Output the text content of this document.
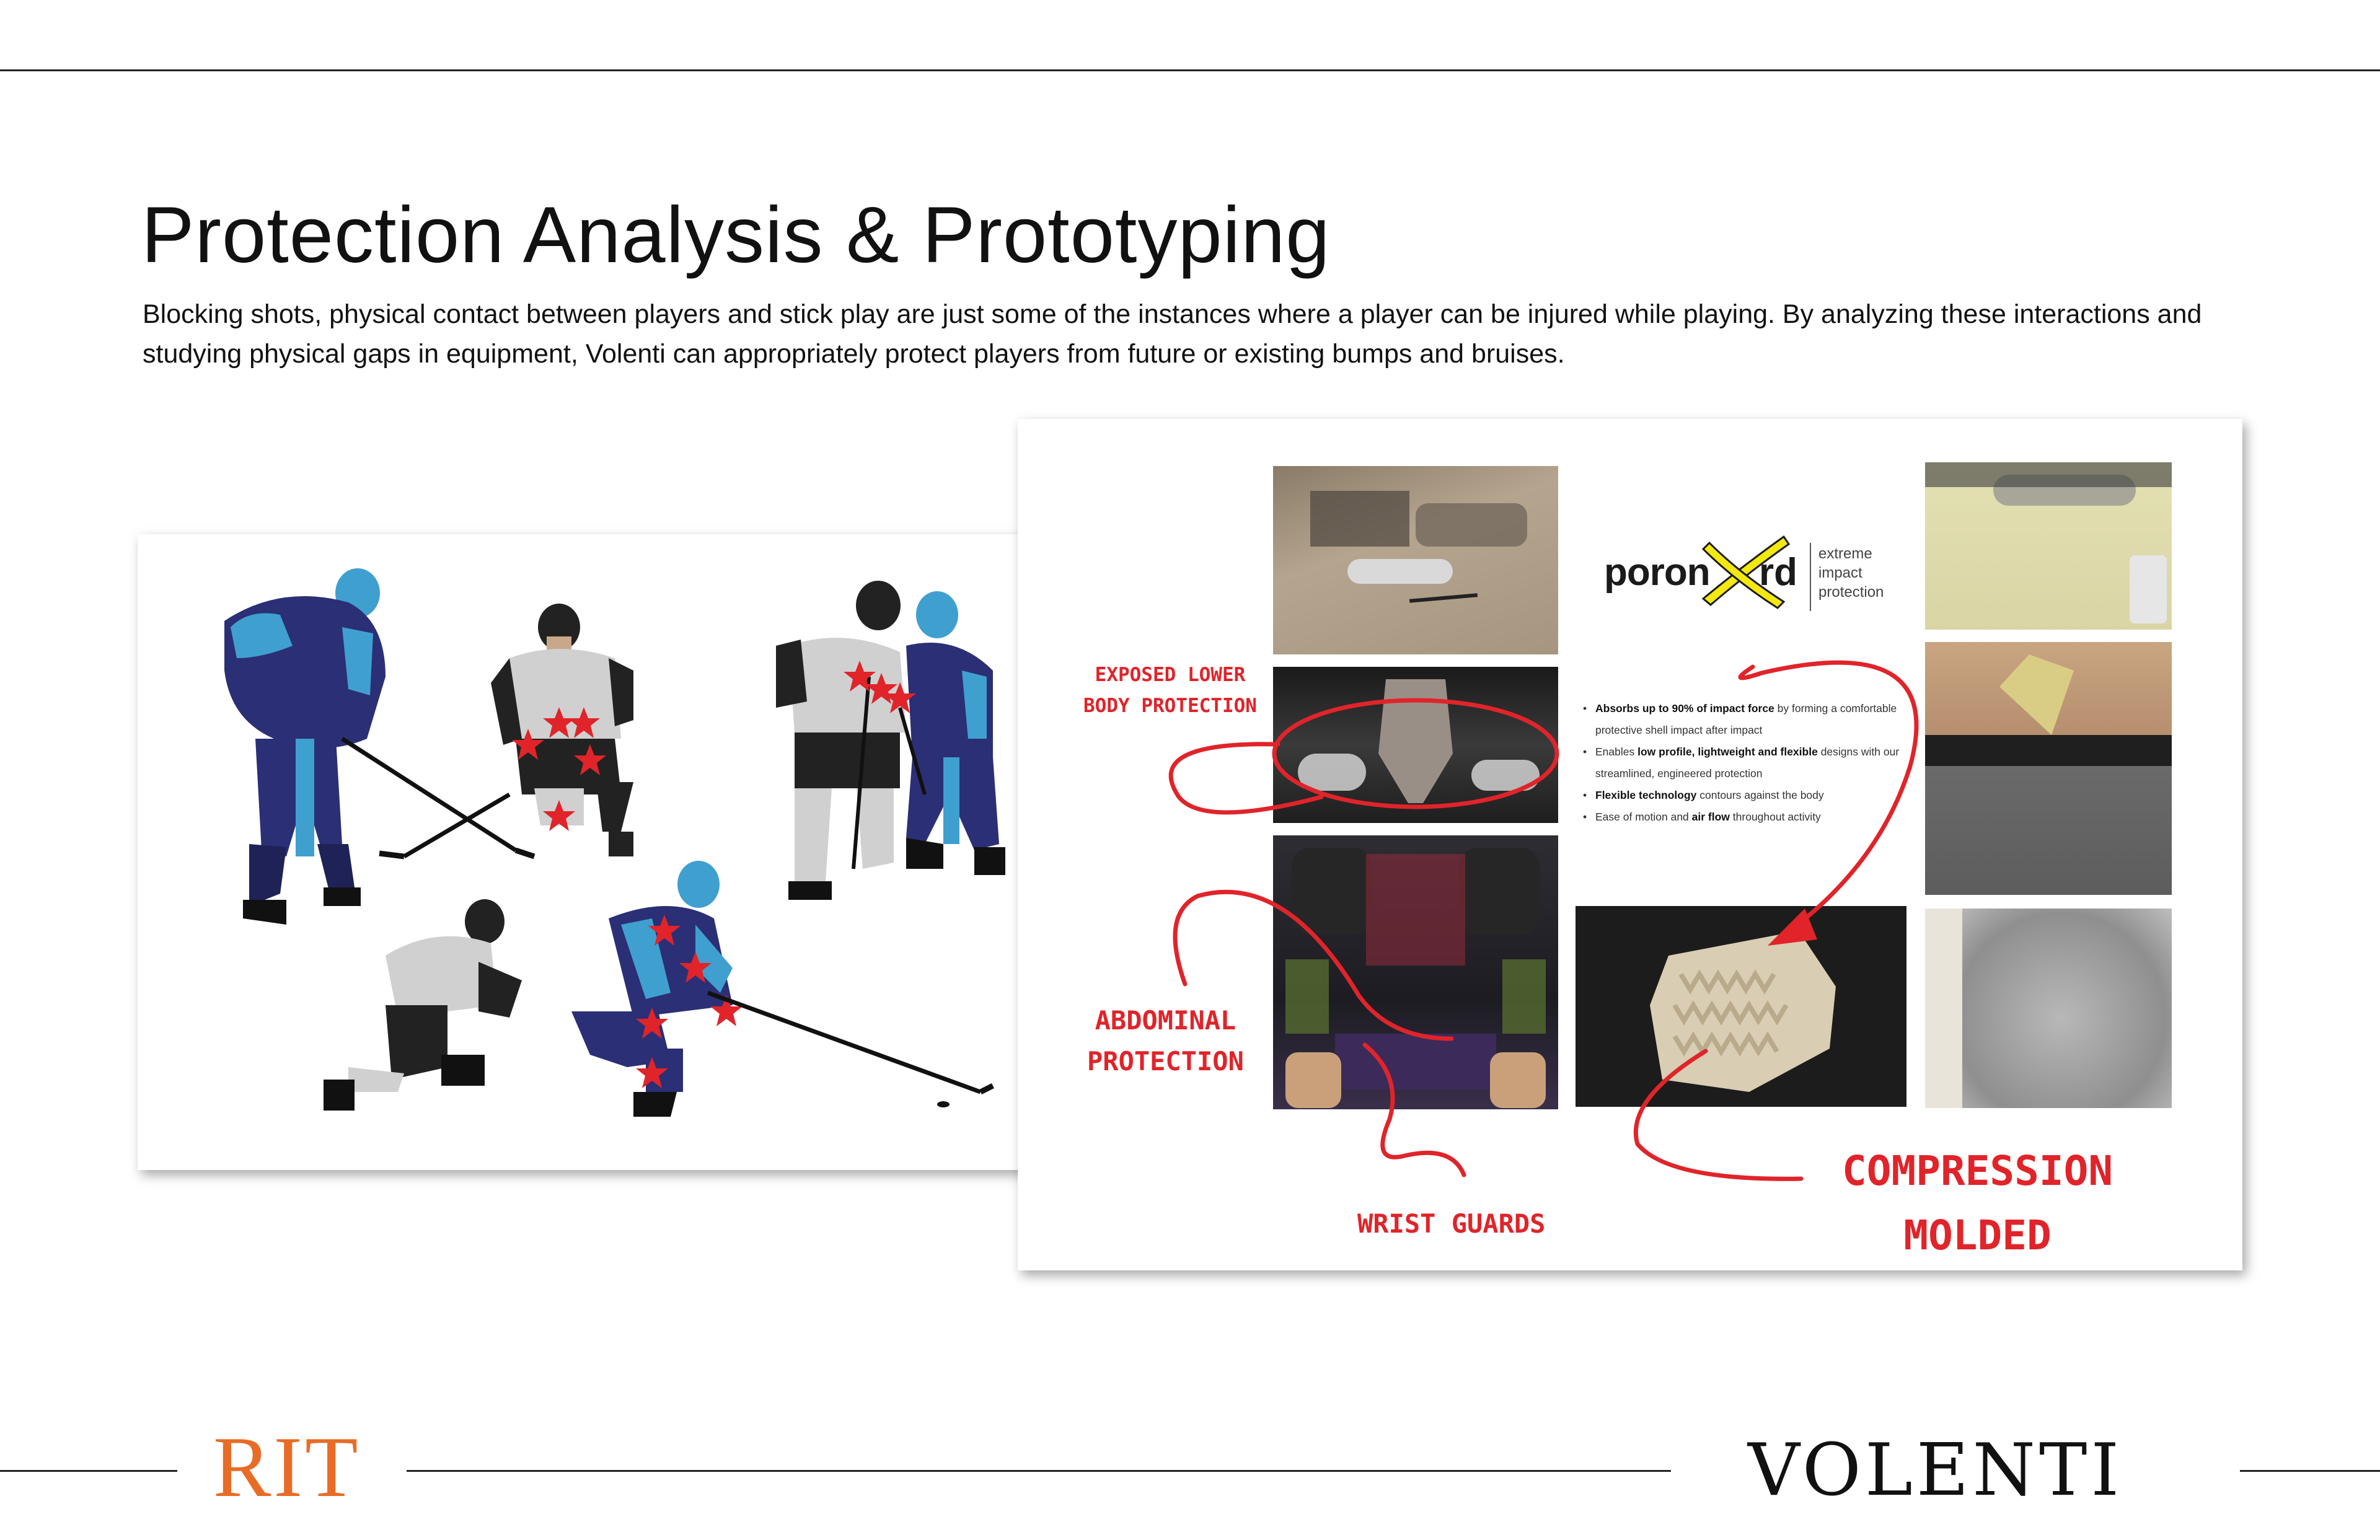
Protection Analysis & Prototyping

Blocking shots, physical contact between players and stick play are just some of the instances where a player can be injured while playing. By analyzing these interactions and studying physical gaps in equipment, Volenti can appropriately protect players from future or existing bumps and bruises.

poron rd extreme
impact
protection
• Absorbs up to 90% of impact force by forming a comfortable protective shell impact after impact
• Enables low profile, lightweight and flexible designs with our streamlined, engineered protection
• Flexible technology contours against the body
• Ease of motion and air flow throughout activity
EXPOSED LOWER
BODY PROTECTION
ABDOMINAL
PROTECTION
WRIST GUARDS
COMPRESSION
MOLDED
RIT	VOLENTI
